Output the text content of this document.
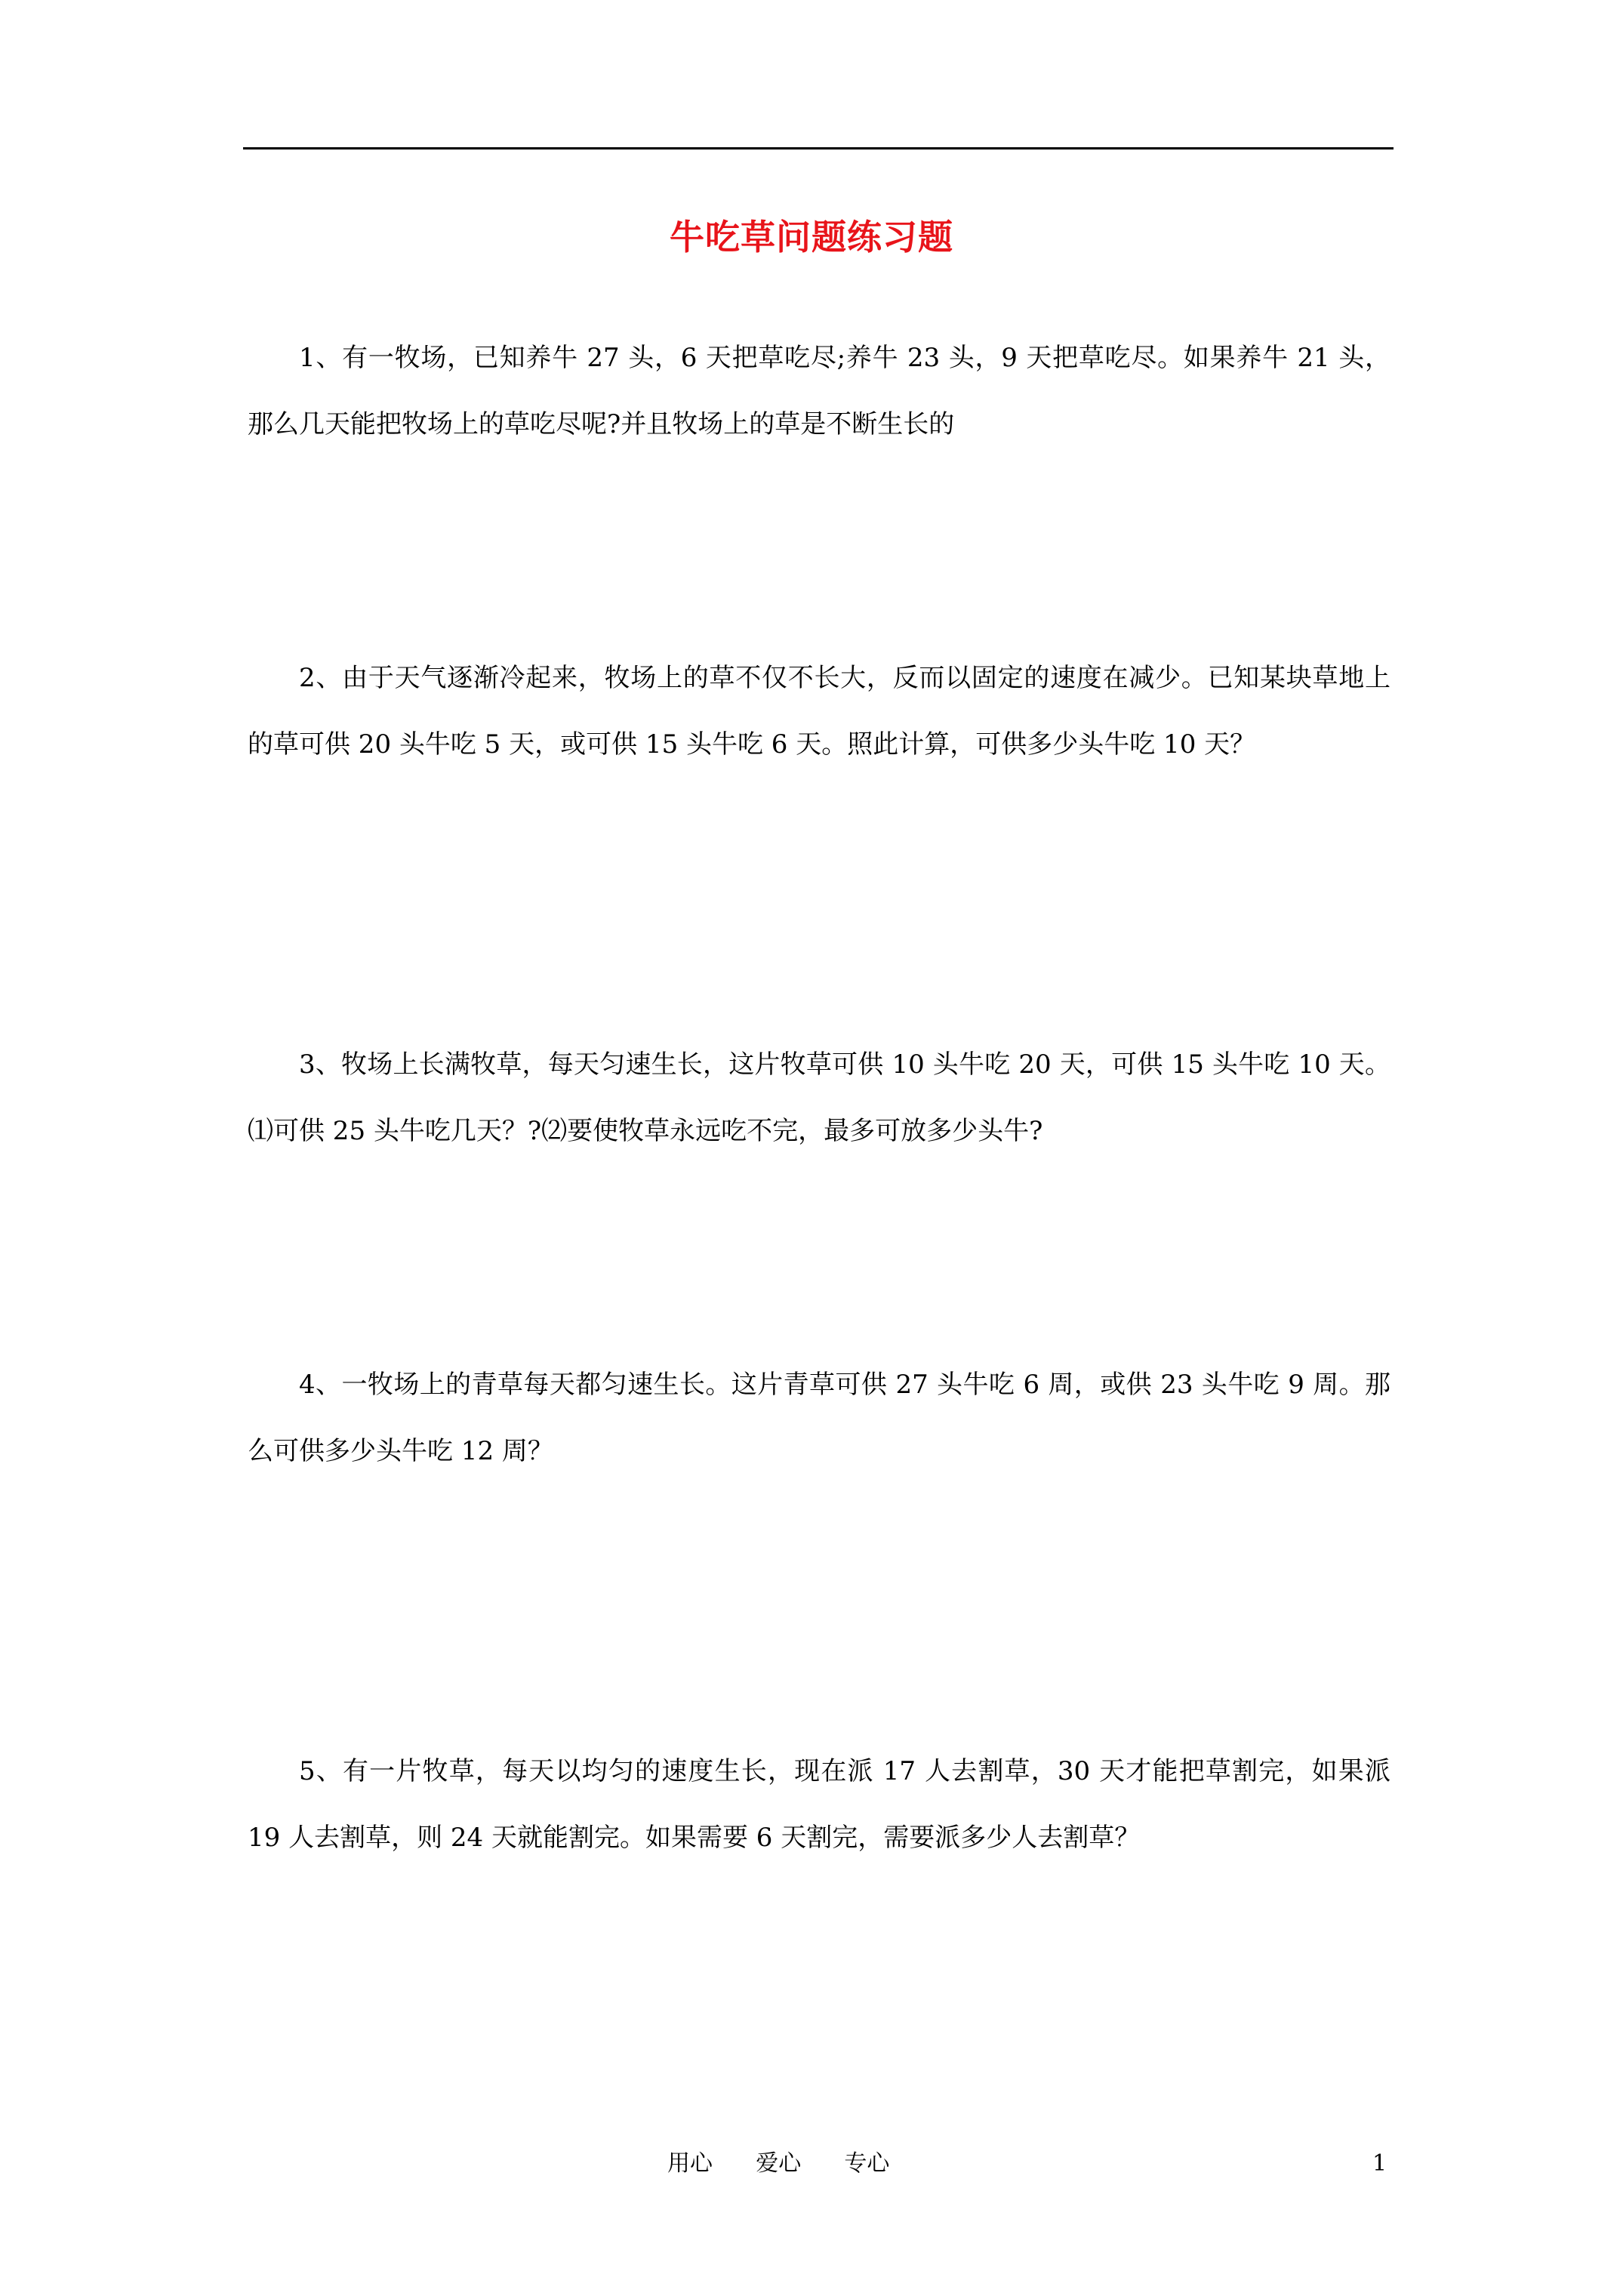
牛吃草问题练习题

1、有一牧场，已知养牛 27 头，6 天把草吃尽;养牛 23 头，9 天把草吃尽。如果养牛 21 头，那么几天能把牧场上的草吃尽呢?并且牧场上的草是不断生长的

2、由于天气逐渐冷起来，牧场上的草不仅不长大，反而以固定的速度在减少。已知某块草地上的草可供 20 头牛吃 5 天，或可供 15 头牛吃 6 天。照此计算，可供多少头牛吃 10 天？

3、牧场上长满牧草，每天匀速生长，这片牧草可供 10 头牛吃 20 天，可供 15 头牛吃 10 天。⑴可供 25 头牛吃几天？?⑵要使牧草永远吃不完，最多可放多少头牛?

4、一牧场上的青草每天都匀速生长。这片青草可供 27 头牛吃 6 周，或供 23 头牛吃 9 周。那么可供多少头牛吃 12 周？

5、有一片牧草，每天以均匀的速度生长，现在派 17 人去割草，30 天才能把草割完，如果派 19 人去割草，则 24 天就能割完。如果需要 6 天割完，需要派多少人去割草？

用心      爱心      专心	1
